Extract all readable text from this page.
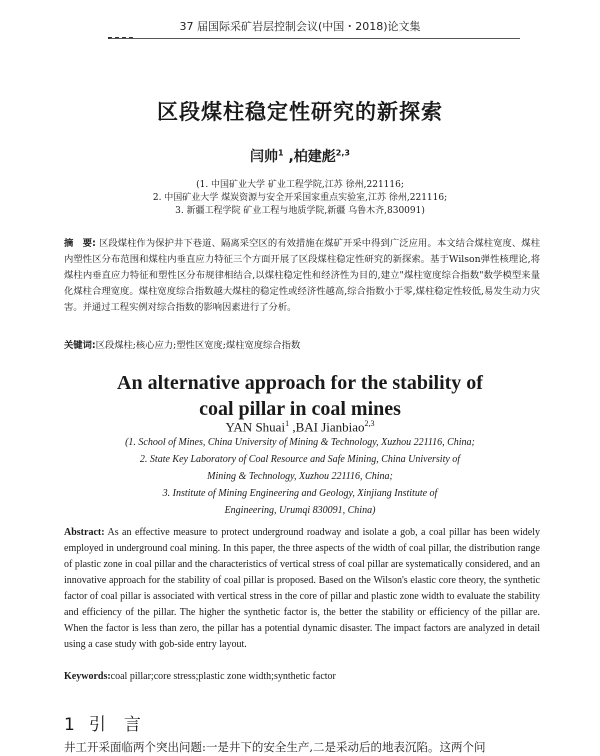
37 届国际采矿岩层控制会议(中国・2018)论文集
区段煤柱稳定性研究的新探索
闫帅$^1$ ,柏建彪$^{2,3}$
(1. 中国矿业大学 矿业工程学院,江苏 徐州,221116;
2. 中国矿业大学 煤炭资源与安全开采国家重点实验室,江苏 徐州,221116;
3. 新疆工程学院 矿业工程与地质学院,新疆 乌鲁木齐,830091)
摘　要: 区段煤柱作为保护井下巷道、隔离采空区的有效措施在煤矿开采中得到广泛应用。本文结合煤柱宽度、煤柱内塑性区分布范围和煤柱内垂直应力特征三个方面开展了区段煤柱稳定性研究的新探索。基于Wilson弹性核理论,将煤柱内垂直应力特征和塑性区分布规律相结合,以煤柱稳定性和经济性为目的,建立"煤柱宽度综合指数"数学模型来量化煤柱合理宽度。煤柱宽度综合指数越大煤柱的稳定性或经济性越高,综合指数小于零,煤柱稳定性较低,易发生动力灾害。并通过工程实例对综合指数的影响因素进行了分析。
关键词:区段煤柱;核心应力;塑性区宽度;煤柱宽度综合指数
An alternative approach for the stability of
coal pillar in coal mines
YAN Shuai$^1$ ,BAI Jianbiao$^{2,3}$
(1. School of Mines, China University of Mining & Technology, Xuzhou 221116, China;
2. State Key Laboratory of Coal Resource and Safe Mining, China University of
Mining & Technology, Xuzhou 221116, China;
3. Institute of Mining Engineering and Geology, Xinjiang Institute of
Engineering, Urumqi 830091, China)
Abstract: As an effective measure to protect underground roadway and isolate a gob, a coal pillar has been widely employed in underground coal mining. In this paper, the three aspects of the width of coal pillar, the distribution range of plastic zone in coal pillar and the characteristics of vertical stress of coal pillar are systematically considered, and an innovative approach for the stability of coal pillar is proposed. Based on the Wilson's elastic core theory, the synthetic factor of coal pillar is associated with vertical stress in the core of pillar and plastic zone width to evaluate the stability and efficiency of the pillar. The higher the synthetic factor is, the better the stability or efficiency of the pillar are. When the factor is less than zero, the pillar has a potential dynamic disaster. The impact factors are analyzed in detail using a case study with gob-side entry layout.
Keywords:coal pillar;core stress;plastic zone width;synthetic factor
1 引言
井工开采面临两个突出问题:一是井下的安全生产,二是采动后的地表沉陷。这两个问
